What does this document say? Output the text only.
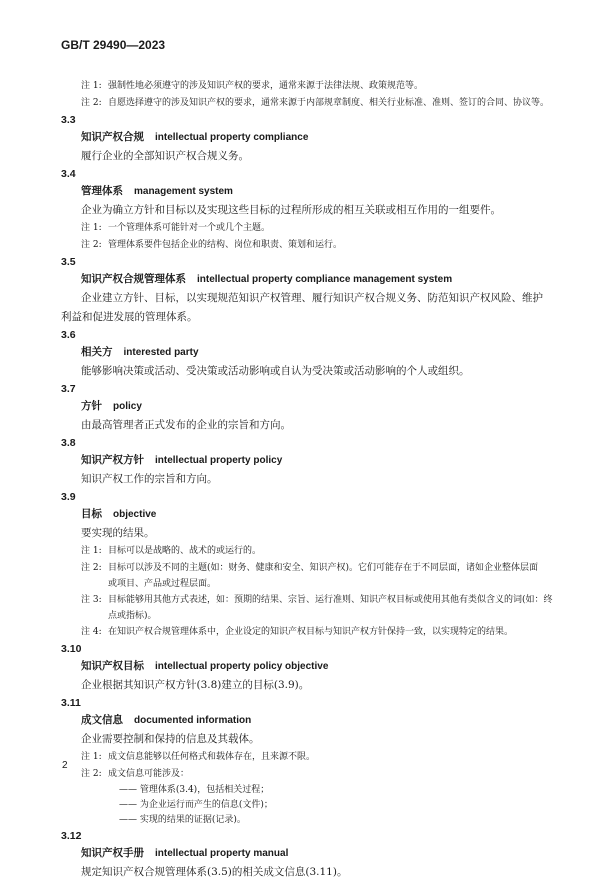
GB/T 29490—2023
注 1: 强制性地必须遵守的涉及知识产权的要求，通常来源于法律法规、政策规范等。
注 2: 自愿选择遵守的涉及知识产权的要求，通常来源于内部规章制度、相关行业标准、准则、签订的合同、协议等。
3.3
知识产权合规 intellectual property compliance
履行企业的全部知识产权合规义务。
3.4
管理体系 management system
企业为确立方针和目标以及实现这些目标的过程所形成的相互关联或相互作用的一组要件。
注 1: 一个管理体系可能针对一个或几个主题。
注 2: 管理体系要件包括企业的结构、岗位和职责、策划和运行。
3.5
知识产权合规管理体系 intellectual property compliance management system
企业建立方针、目标，以实现规范知识产权管理、履行知识产权合规义务、防范知识产权风险、维护
利益和促进发展的管理体系。
3.6
相关方 interested party
能够影响决策或活动、受决策或活动影响或自认为受决策或活动影响的个人或组织。
3.7
方针 policy
由最高管理者正式发布的企业的宗旨和方向。
3.8
知识产权方针 intellectual property policy
知识产权工作的宗旨和方向。
3.9
目标 objective
要实现的结果。
注 1: 目标可以是战略的、战术的或运行的。
注 2: 目标可以涉及不同的主题(如：财务、健康和安全、知识产权)。它们可能存在于不同层面，诸如企业整体层面
或项目、产品或过程层面。
注 3: 目标能够用其他方式表述，如：预期的结果、宗旨、运行准则、知识产权目标或使用其他有类似含义的词(如：终
点或指标)。
注 4: 在知识产权合规管理体系中，企业设定的知识产权目标与知识产权方针保持一致，以实现特定的结果。
3.10
知识产权目标 intellectual property policy objective
企业根据其知识产权方针(3.8)建立的目标(3.9)。
3.11
成文信息 documented information
企业需要控制和保持的信息及其载体。
注 1: 成文信息能够以任何格式和载体存在，且来源不限。
注 2: 成文信息可能涉及：
—— 管理体系(3.4)，包括相关过程；
—— 为企业运行而产生的信息(文件)；
—— 实现的结果的证据(记录)。
3.12
知识产权手册 intellectual property manual
规定知识产权合规管理体系(3.5)的相关成文信息(3.11)。
2
